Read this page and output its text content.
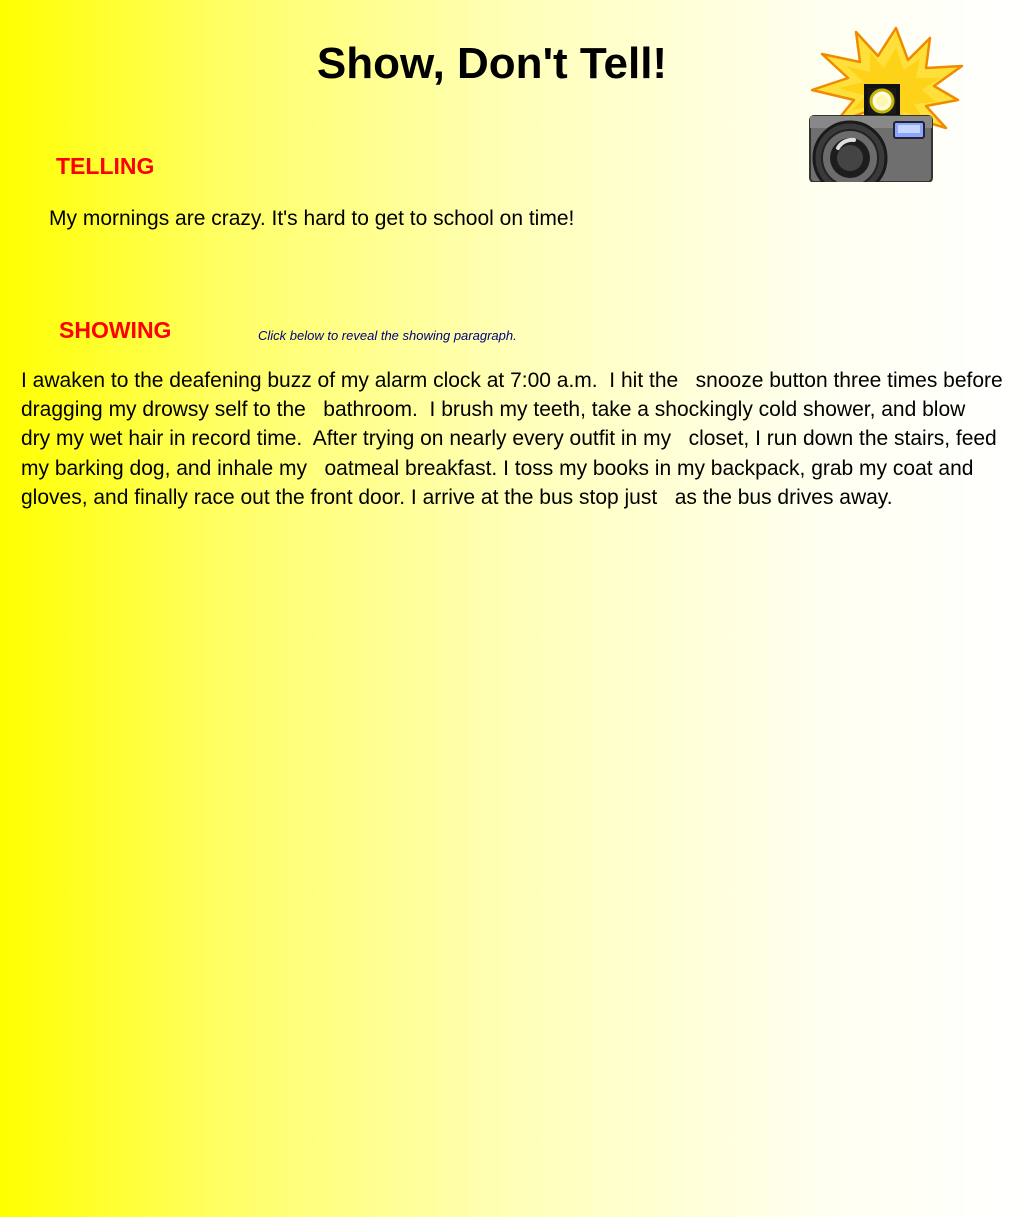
Show, Don't Tell!
TELLING

My mornings are crazy. It's hard to get to school on time!

SHOWING	Click below to reveal the showing paragraph.

I awaken to the deafening buzz of my alarm clock at 7:00 a.m.  I hit the   snooze button three times before dragging my drowsy self to the   bathroom.  I brush my teeth, take a shockingly cold shower, and blow   dry my wet hair in record time.  After trying on nearly every outfit in my   closet, I run down the stairs, feed my barking dog, and inhale my   oatmeal breakfast. I toss my books in my backpack, grab my coat and   gloves, and finally race out the front door. I arrive at the bus stop just   as the bus drives away.
